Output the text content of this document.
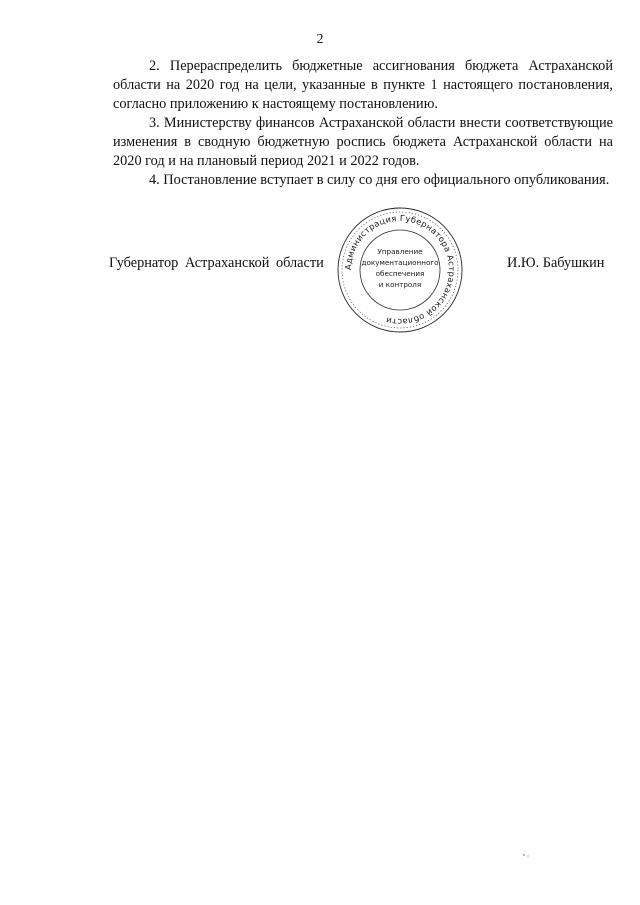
2

2. Перераспределить бюджетные ассигнования бюджета Астраханской области на 2020 год на цели, указанные в пункте 1 настоящего постановления, согласно приложению к настоящему постановлению.

3. Министерству финансов Астраханской области внести соответствующие изменения в сводную бюджетную роспись бюджета Астраханской области на 2020 год и на плановый период 2021 и 2022 годов.

4. Постановление вступает в силу со дня его официального опубликования.

Губернатор Астраханской области	И.Ю. Бабушкин
Администрация Губернатора Астраханской области
Управление
документационного
обеспечения
и контроля
